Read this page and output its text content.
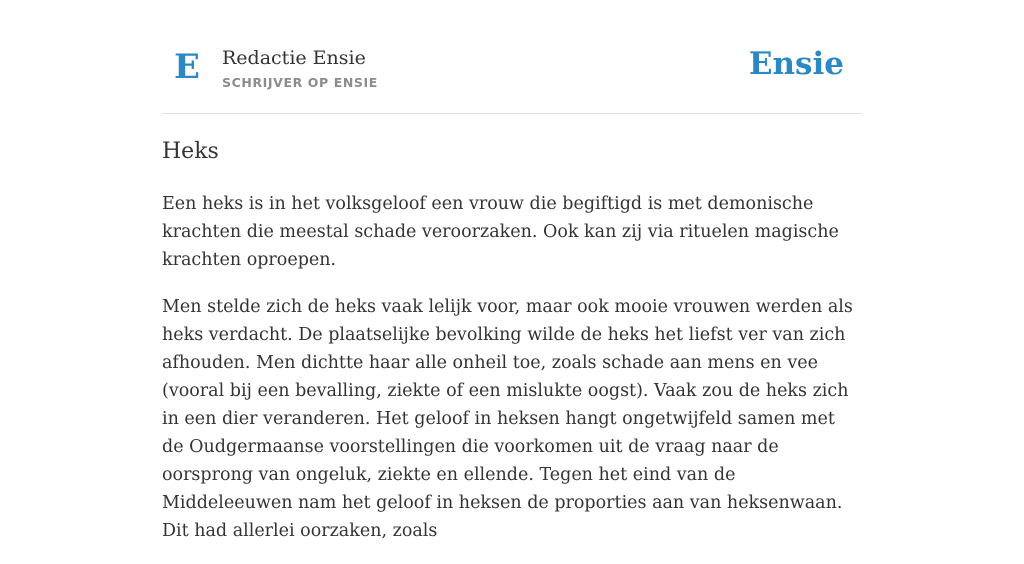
E Redactie Ensie
SCHRIJVER OP ENSIE
Ensie
Heks

Een heks is in het volksgeloof een vrouw die begiftigd is met demonische krachten die meestal schade veroorzaken. Ook kan zij via rituelen magische krachten oproepen.

Men stelde zich de heks vaak lelijk voor, maar ook mooie vrouwen werden als heks verdacht. De plaatselijke bevolking wilde de heks het liefst ver van zich afhouden. Men dichtte haar alle onheil toe, zoals schade aan mens en vee (vooral bij een bevalling, ziekte of een mislukte oogst). Vaak zou de heks zich in een dier veranderen. Het geloof in heksen hangt ongetwijfeld samen met de Oudgermaanse voorstellingen die voorkomen uit de vraag naar de oorsprong van ongeluk, ziekte en ellende. Tegen het eind van de Middeleeuwen nam het geloof in heksen de proporties aan van heksenwaan. Dit had allerlei oorzaken, zoals
